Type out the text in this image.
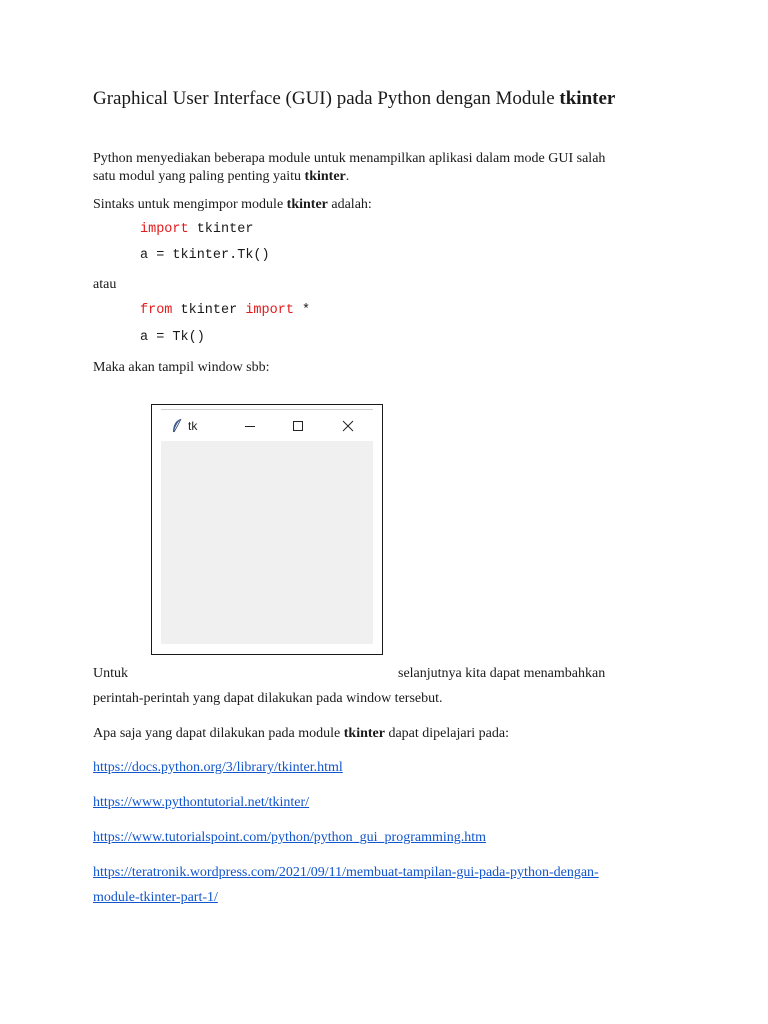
Graphical User Interface (GUI) pada Python dengan Module tkinter
Python menyediakan beberapa module untuk menampilkan aplikasi dalam mode GUI salah
satu modul yang paling penting yaitu tkinter.
Sintaks untuk mengimpor module tkinter adalah:
import tkinter
a = tkinter.Tk()
atau
from tkinter import *
a = Tk()
Maka akan tampil window sbb:
tk
Untuk	selanjutnya kita dapat menambahkan
perintah-perintah yang dapat dilakukan pada window tersebut.
Apa saja yang dapat dilakukan pada module tkinter dapat dipelajari pada:
https://docs.python.org/3/library/tkinter.html
https://www.pythontutorial.net/tkinter/
https://www.tutorialspoint.com/python/python_gui_programming.htm
https://teratronik.wordpress.com/2021/09/11/membuat-tampilan-gui-pada-python-dengan-
module-tkinter-part-1/
